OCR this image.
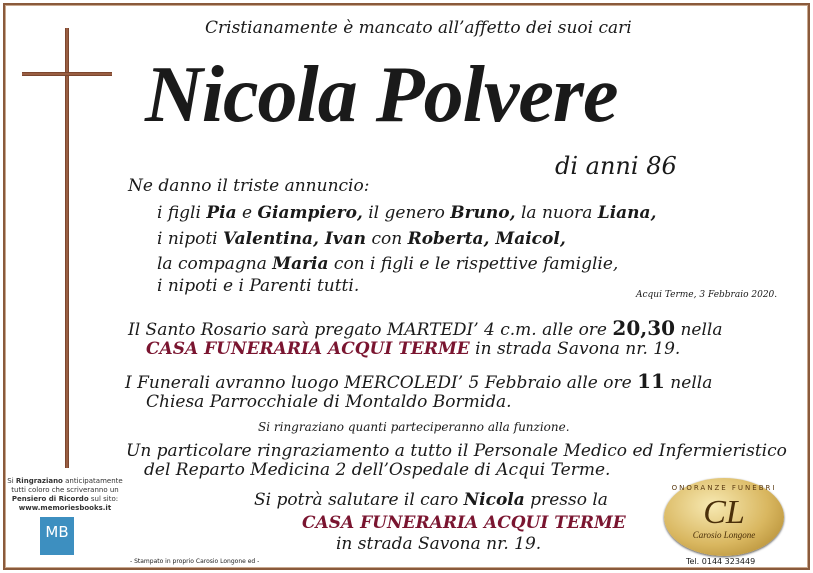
Cristianamente è mancato all’affetto dei suoi cari
Nicola Polvere
di anni 86
Ne danno il triste annuncio:
i figli Pia e Giampiero, il genero Bruno, la nuora Liana,
i nipoti Valentina, Ivan con Roberta, Maicol,
la compagna Maria con i figli e le rispettive famiglie,
i nipoti e i Parenti tutti.	Acqui Terme, 3 Febbraio 2020.
Il Santo Rosario sarà pregato MARTEDI’ 4 c.m. alle ore 20,30 nella
CASA FUNERARIA ACQUI TERME in strada Savona nr. 19.
I Funerali avranno luogo MERCOLEDI’ 5 Febbraio alle ore 11 nella
Chiesa Parrocchiale di Montaldo Bormida.
Si ringraziano quanti parteciperanno alla funzione.
Un particolare ringraziamento a tutto il Personale Medico ed Infermieristico
del Reparto Medicina 2 dell’Ospedale di Acqui Terme.
Si potrà salutare il caro Nicola presso la
CASA FUNERARIA ACQUI TERME
in strada Savona nr. 19.
Si Ringraziano anticipatamente tutti coloro che scriveranno un Pensiero di Ricordo sul sito:
www.memoriesbooks.it
MB
ONORANZE FUNEBRI
CL
Carosio Longone
- Stampato in proprio Carosio Longone ed -	Tel. 0144 323449
